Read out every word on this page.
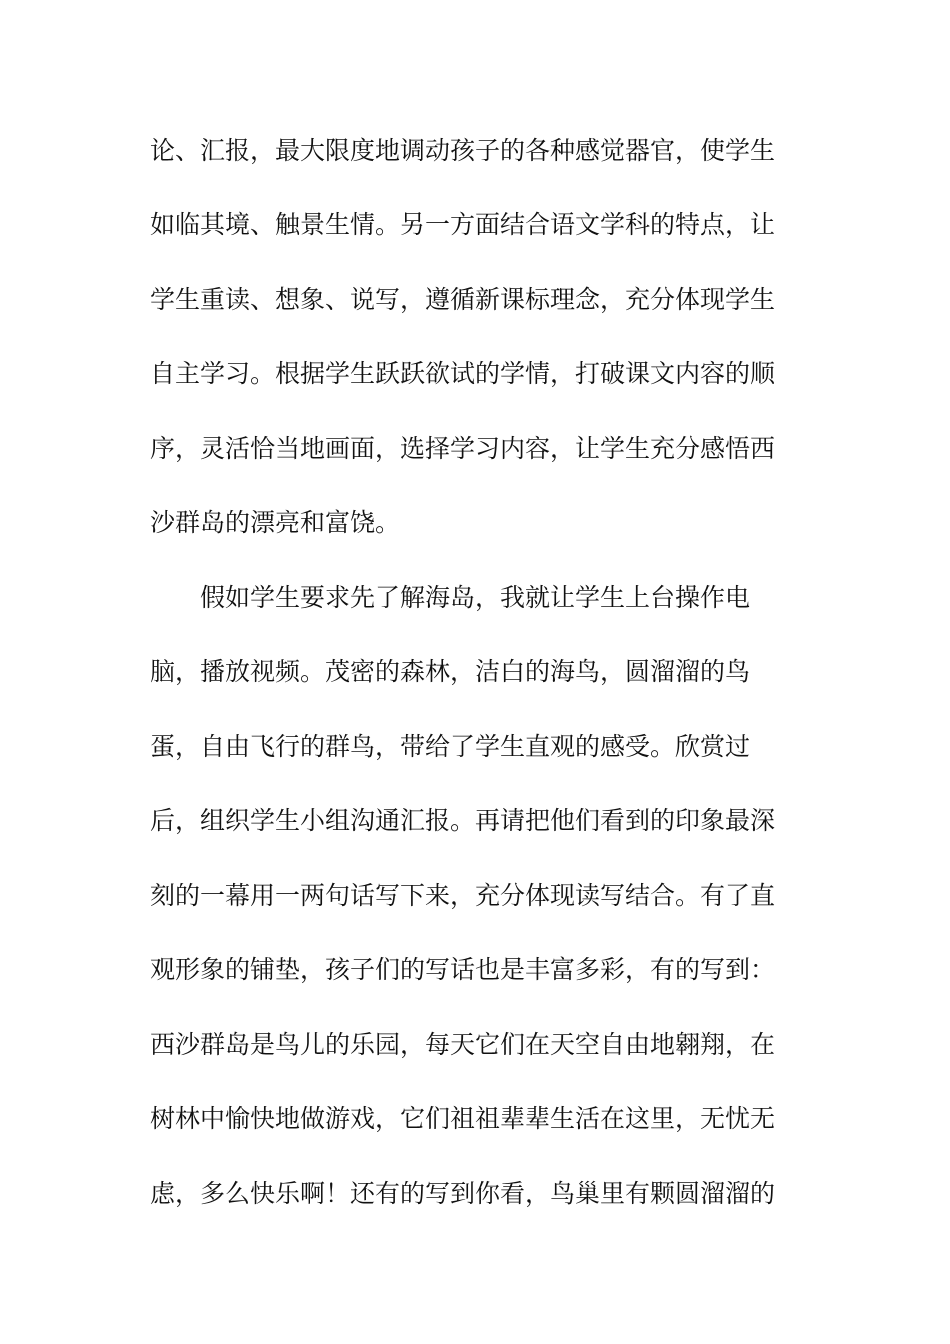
论、汇报，最大限度地调动孩子的各种感觉器官，使学生
如临其境、触景生情。另一方面结合语文学科的特点，让
学生重读、想象、说写，遵循新课标理念，充分体现学生
自主学习。根据学生跃跃欲试的学情，打破课文内容的顺
序，灵活恰当地画面，选择学习内容，让学生充分感悟西
沙群岛的漂亮和富饶。
假如学生要求先了解海岛，我就让学生上台操作电
脑，播放视频。茂密的森林，洁白的海鸟，圆溜溜的鸟
蛋，自由飞行的群鸟，带给了学生直观的感受。欣赏过
后，组织学生小组沟通汇报。再请把他们看到的印象最深
刻的一幕用一两句话写下来，充分体现读写结合。有了直
观形象的铺垫，孩子们的写话也是丰富多彩，有的写到：
西沙群岛是鸟儿的乐园，每天它们在天空自由地翱翔，在
树林中愉快地做游戏，它们祖祖辈辈生活在这里，无忧无
虑，多么快乐啊！还有的写到你看，鸟巢里有颗圆溜溜的
